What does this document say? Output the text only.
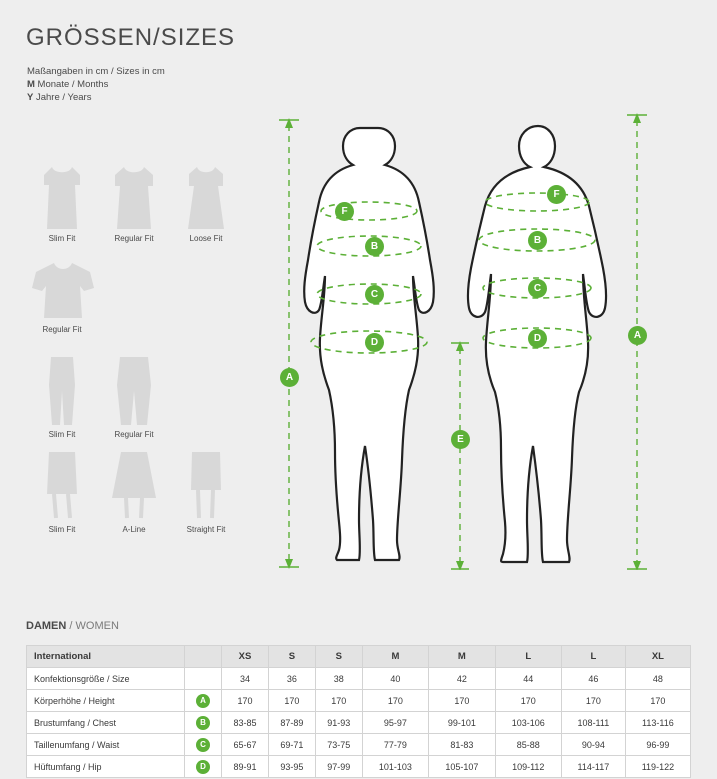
GRÖSSEN/SIZES
Maßangaben in cm / Sizes in cm
M Monate / Months
Y Jahre / Years
Slim Fit	Regular Fit	Loose Fit
Regular Fit
Slim Fit	Regular Fit
Slim Fit	A-Line	Straight Fit
F
B
C
D
A
F
B
C
D	A
E
DAMEN / WOMEN
International		XS	S	S	M	M	L	L	XL
Konfektionsgröße / Size		34	36	38	40	42	44	46	48
Körperhöhe / Height	A	170	170	170	170	170	170	170	170
Brustumfang / Chest	B	83-85	87-89	91-93	95-97	99-101	103-106	108-111	113-116
Taillenumfang / Waist	C	65-67	69-71	73-75	77-79	81-83	85-88	90-94	96-99
Hüftumfang / Hip	D	89-91	93-95	97-99	101-103	105-107	109-112	114-117	119-122
